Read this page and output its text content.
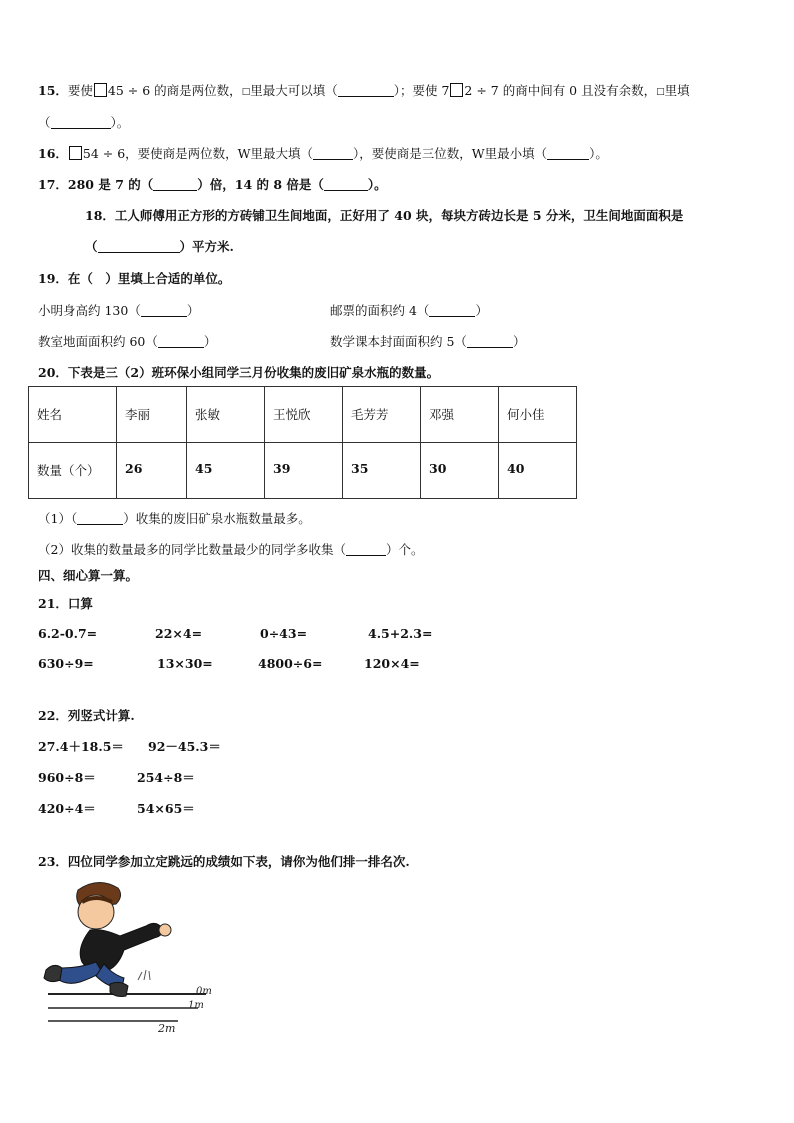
15．要使 45 ÷ 6 的商是两位数，□里最大可以填（	）；要使 7 2 ÷ 7 的商中间有 0 且没有余数，□里填
（	）。
16． 54 ÷ 6，要使商是两位数，W里最大填（	），要使商是三位数，W里最小填（	）。
17．280 是 7 的（	）倍，14 的 8 倍是（	）。
18．工人师傅用正方形的方砖铺卫生间地面，正好用了 40 块，每块方砖边长是 5 分米，卫生间地面面积是
（	）平方米.
19．在（　）里填上合适的单位。
小明身高约 130（	）	邮票的面积约 4（	）
教室地面面积约 60（	）	数学课本封面面积约 5（	）
20．下表是三（2）班环保小组同学三月份收集的废旧矿泉水瓶的数量。
姓名	李丽	张敏	王悦欣	毛芳芳	邓强	何小佳
数量（个）	26	45	39	35	30	40
（1）（	）收集的废旧矿泉水瓶数量最多。
（2）收集的数量最多的同学比数量最少的同学多收集（	）个。
四、细心算一算。
21．口算
6.2-0.7=	22×4=	0÷43=	4.5+2.3=
630÷9=	13×30=	4800÷6=	120×4=
22．列竖式计算.
27.4＋18.5＝ 92－45.3＝
960÷8＝	254÷8＝
420÷4＝	54×65＝
23．四位同学参加立定跳远的成绩如下表，请你为他们排一排名次.
0m
1m
2m
